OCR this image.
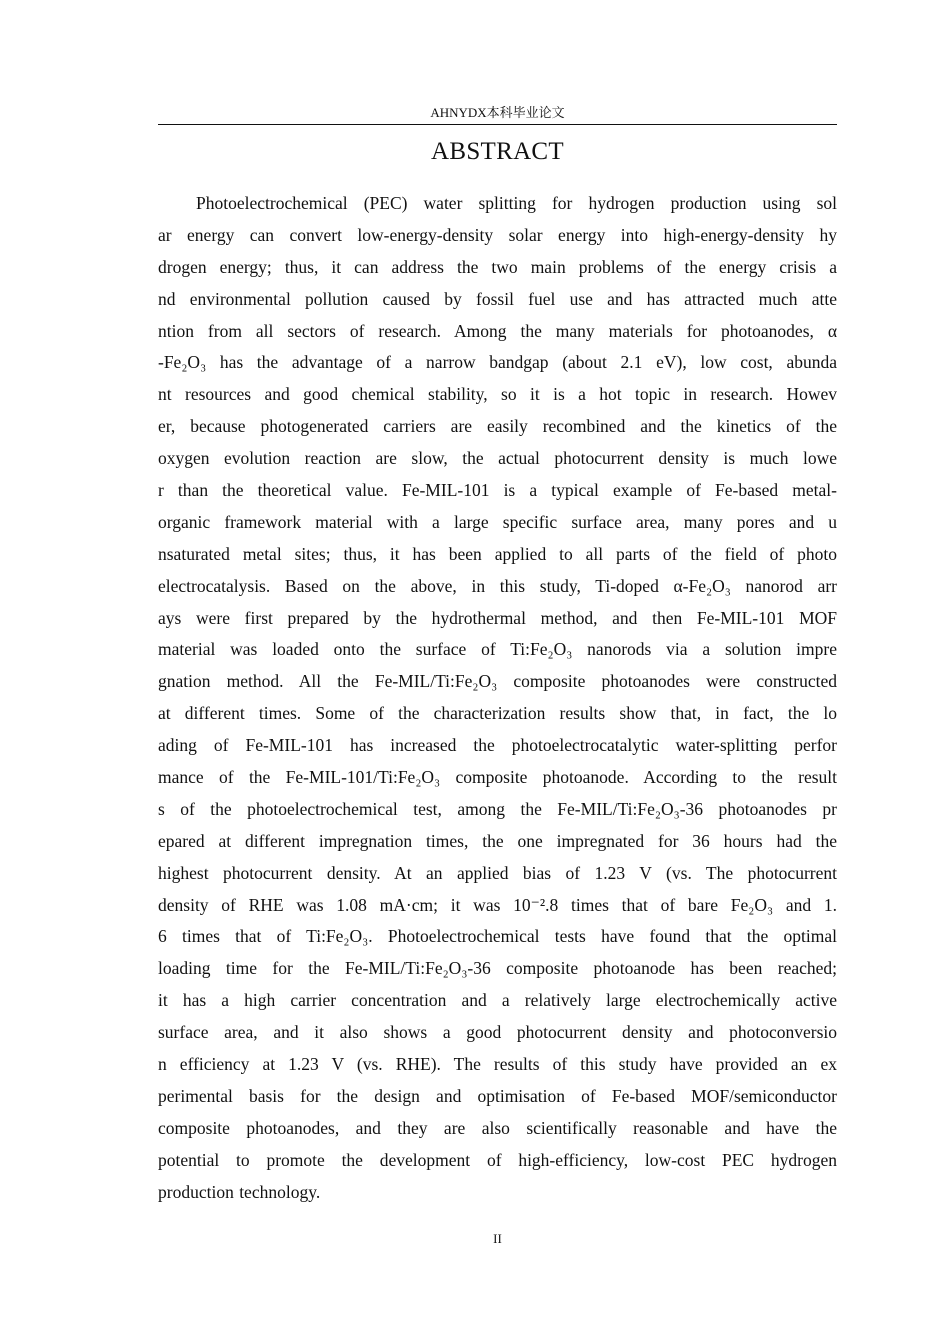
AHNYDX本科毕业论文
ABSTRACT
Photoelectrochemical (PEC) water splitting for hydrogen production using sol
ar energy can convert low-energy-density solar energy into high-energy-density hy
drogen energy; thus, it can address the two main problems of the energy crisis a
nd environmental pollution caused by fossil fuel use and has attracted much atte
ntion from all sectors of research. Among the many materials for photoanodes, α
-Fe₂O₃ has the advantage of a narrow bandgap (about 2.1 eV), low cost, abunda
nt resources and good chemical stability, so it is a hot topic in research. Howev
er, because photogenerated carriers are easily recombined and the kinetics of the
oxygen evolution reaction are slow, the actual photocurrent density is much lowe
r than the theoretical value. Fe-MIL-101 is a typical example of Fe-based metal-
organic framework material with a large specific surface area, many pores and u
nsaturated metal sites; thus, it has been applied to all parts of the field of photo
electrocatalysis. Based on the above, in this study, Ti-doped α-Fe₂O₃ nanorod arr
ays were first prepared by the hydrothermal method, and then Fe-MIL-101 MOF
material was loaded onto the surface of Ti:Fe₂O₃ nanorods via a solution impre
gnation method. All the Fe-MIL/Ti:Fe₂O₃ composite photoanodes were constructed
at different times. Some of the characterization results show that, in fact, the lo
ading of Fe-MIL-101 has increased the photoelectrocatalytic water-splitting perfor
mance of the Fe-MIL-101/Ti:Fe₂O₃ composite photoanode. According to the result
s of the photoelectrochemical test, among the Fe-MIL/Ti:Fe₂O₃-36 photoanodes pr
epared at different impregnation times, the one impregnated for 36 hours had the
highest photocurrent density. At an applied bias of 1.23 V (vs. The photocurrent
density of RHE was 1.08 mA·cm; it was 10⁻².8 times that of bare Fe₂O₃ and 1.
6 times that of Ti:Fe₂O₃. Photoelectrochemical tests have found that the optimal
loading time for the Fe-MIL/Ti:Fe₂O₃-36 composite photoanode has been reached;
it has a high carrier concentration and a relatively large electrochemically active
surface area, and it also shows a good photocurrent density and photoconversio
n efficiency at 1.23 V (vs. RHE). The results of this study have provided an ex
perimental basis for the design and optimisation of Fe-based MOF/semiconductor
composite photoanodes, and they are also scientifically reasonable and have the
potential to promote the development of high-efficiency, low-cost PEC hydrogen
production technology.
II
